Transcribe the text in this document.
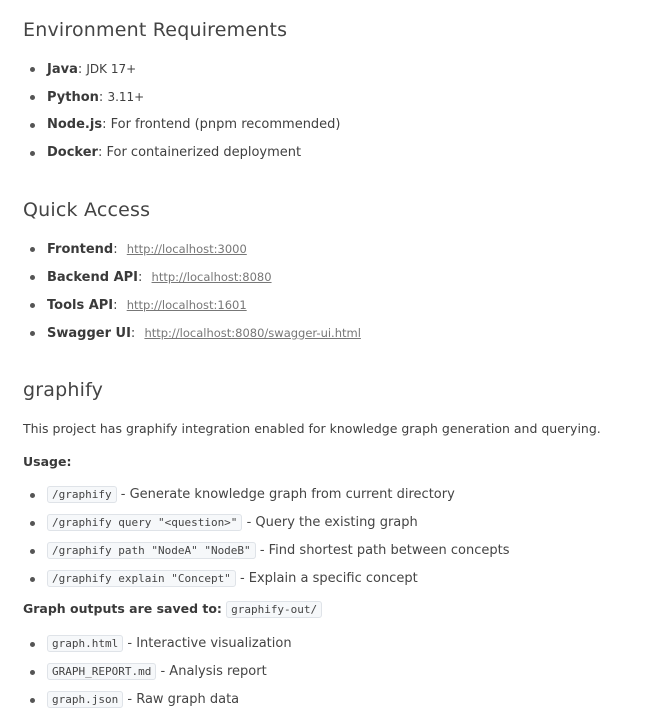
Environment Requirements
Java: JDK 17+
Python: 3.11+
Node.js: For frontend (pnpm recommended)
Docker: For containerized deployment
Quick Access
Frontend: http://localhost:3000
Backend API: http://localhost:8080
Tools API: http://localhost:1601
Swagger UI: http://localhost:8080/swagger-ui.html
graphify

This project has graphify integration enabled for knowledge graph generation and querying.

Usage:

/graphify - Generate knowledge graph from current directory
/graphify query "<question>" - Query the existing graph
/graphify path "NodeA" "NodeB" - Find shortest path between concepts
/graphify explain "Concept" - Explain a specific concept

Graph outputs are saved to: graphify-out/

graph.html - Interactive visualization
GRAPH_REPORT.md - Analysis report
graph.json - Raw graph data
